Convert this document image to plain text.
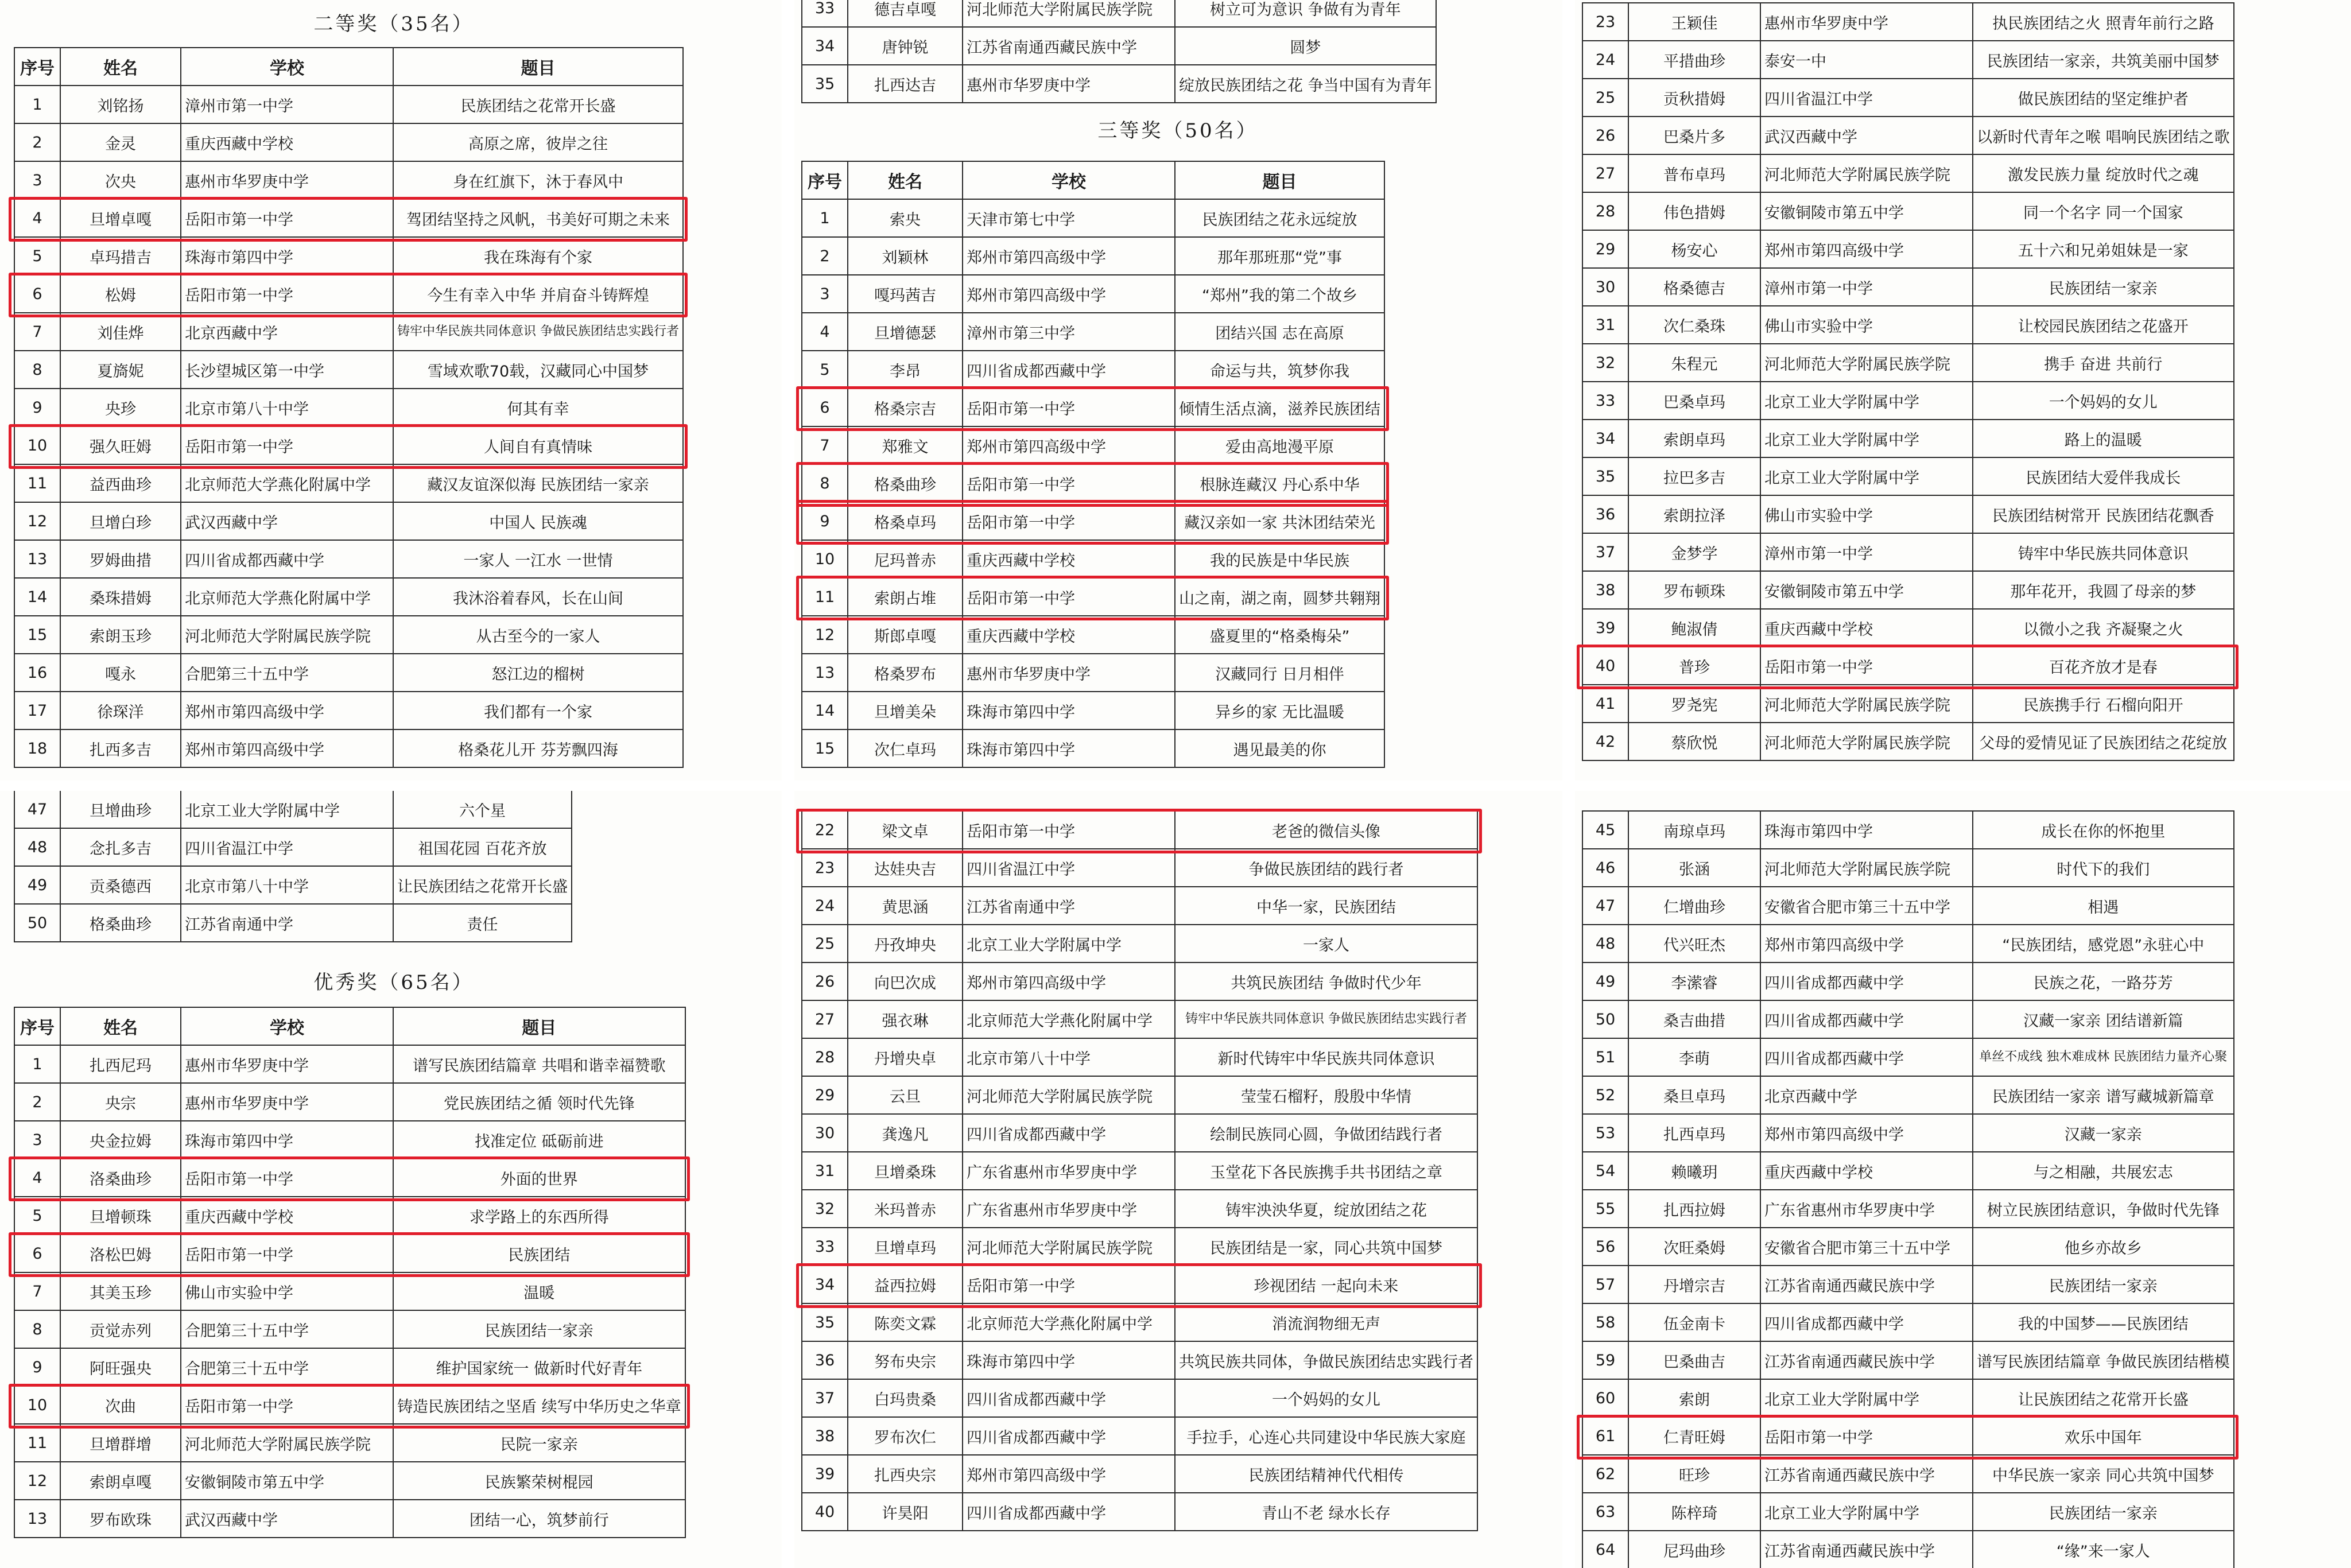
二等奖（35名）
序号	姓名	学校	题目
1	刘铭扬	漳州市第一中学	民族团结之花常开长盛
2	金灵	重庆西藏中学校	高原之席，彼岸之往
3	次央	惠州市华罗庚中学	身在红旗下，沐于春风中
4	旦增卓嘎	岳阳市第一中学	驾团结坚持之风帆，书美好可期之未来
5	卓玛措吉	珠海市第四中学	我在珠海有个家
6	松姆	岳阳市第一中学	今生有幸入中华 并肩奋斗铸辉煌
7	刘佳烨	北京西藏中学	铸牢中华民族共同体意识 争做民族团结忠实践行者
8	夏旖妮	长沙望城区第一中学	雪域欢歌70载，汉藏同心中国梦
9	央珍	北京市第八十中学	何其有幸
10	强久旺姆	岳阳市第一中学	人间自有真情味
11	益西曲珍	北京师范大学燕化附属中学	藏汉友谊深似海 民族团结一家亲
12	旦增白珍	武汉西藏中学	中国人 民族魂
13	罗姆曲措	四川省成都西藏中学	一家人 一江水 一世情
14	桑珠措姆	北京师范大学燕化附属中学	我沐浴着春风，长在山间
15	索朗玉珍	河北师范大学附属民族学院	从古至今的一家人
16	嘎永	合肥第三十五中学	怒江边的榴树
17	徐琛洋	郑州市第四高级中学	我们都有一个家
18	扎西多吉	郑州市第四高级中学	格桑花儿开 芬芳飘四海
33	德吉卓嘎	河北师范大学附属民族学院	树立可为意识 争做有为青年
34	唐钟锐	江苏省南通西藏民族中学	圆梦
35	扎西达吉	惠州市华罗庚中学	绽放民族团结之花 争当中国有为青年
三等奖（50名）
序号	姓名	学校	题目
1	索央	天津市第七中学	民族团结之花永远绽放
2	刘颖林	郑州市第四高级中学	那年那班那“党”事
3	嘎玛茜吉	郑州市第四高级中学	“郑州”我的第二个故乡
4	旦增德瑟	漳州市第三中学	团结兴国 志在高原
5	李昂	四川省成都西藏中学	命运与共，筑梦你我
6	格桑宗吉	岳阳市第一中学	倾情生活点滴，滋养民族团结
7	郑雅文	郑州市第四高级中学	爱由高地漫平原
8	格桑曲珍	岳阳市第一中学	根脉连藏汉 丹心系中华
9	格桑卓玛	岳阳市第一中学	藏汉亲如一家 共沐团结荣光
10	尼玛普赤	重庆西藏中学校	我的民族是中华民族
11	索朗占堆	岳阳市第一中学	山之南，湖之南，圆梦共翱翔
12	斯郎卓嘎	重庆西藏中学校	盛夏里的“格桑梅朵”
13	格桑罗布	惠州市华罗庚中学	汉藏同行 日月相伴
14	旦增美朵	珠海市第四中学	异乡的家 无比温暖
15	次仁卓玛	珠海市第四中学	遇见最美的你
23	王颖佳	惠州市华罗庚中学	执民族团结之火 照青年前行之路
24	平措曲珍	泰安一中	民族团结一家亲，共筑美丽中国梦
25	贡秋措姆	四川省温江中学	做民族团结的坚定维护者
26	巴桑片多	武汉西藏中学	以新时代青年之喉 唱响民族团结之歌
27	普布卓玛	河北师范大学附属民族学院	激发民族力量 绽放时代之魂
28	伟色措姆	安徽铜陵市第五中学	同一个名字 同一个国家
29	杨安心	郑州市第四高级中学	五十六和兄弟姐妹是一家
30	格桑德吉	漳州市第一中学	民族团结一家亲
31	次仁桑珠	佛山市实验中学	让校园民族团结之花盛开
32	朱程元	河北师范大学附属民族学院	携手 奋进 共前行
33	巴桑卓玛	北京工业大学附属中学	一个妈妈的女儿
34	索朗卓玛	北京工业大学附属中学	路上的温暖
35	拉巴多吉	北京工业大学附属中学	民族团结大爱伴我成长
36	索朗拉泽	佛山市实验中学	民族团结树常开 民族团结花飘香
37	金梦学	漳州市第一中学	铸牢中华民族共同体意识
38	罗布顿珠	安徽铜陵市第五中学	那年花开，我圆了母亲的梦
39	鲍淑倩	重庆西藏中学校	以微小之我 齐凝聚之火
40	普珍	岳阳市第一中学	百花齐放才是春
41	罗尧宪	河北师范大学附属民族学院	民族携手行 石榴向阳开
42	蔡欣悦	河北师范大学附属民族学院	父母的爱情见证了民族团结之花绽放
47	旦增曲珍	北京工业大学附属中学	六个星
48	念扎多吉	四川省温江中学	祖国花园 百花齐放
49	贡桑德西	北京市第八十中学	让民族团结之花常开长盛
50	格桑曲珍	江苏省南通中学	责任
优秀奖（65名）
序号	姓名	学校	题目
1	扎西尼玛	惠州市华罗庚中学	谱写民族团结篇章 共唱和谐幸福赞歌
2	央宗	惠州市华罗庚中学	党民族团结之循 领时代先锋
3	央金拉姆	珠海市第四中学	找准定位 砥砺前进
4	洛桑曲珍	岳阳市第一中学	外面的世界
5	旦增顿珠	重庆西藏中学校	求学路上的东西所得
6	洛松巴姆	岳阳市第一中学	民族团结
7	其美玉珍	佛山市实验中学	温暖
8	贡觉赤列	合肥第三十五中学	民族团结一家亲
9	阿旺强央	合肥第三十五中学	维护国家统一 做新时代好青年
10	次曲	岳阳市第一中学	铸造民族团结之坚盾 续写中华历史之华章
11	旦增群增	河北师范大学附属民族学院	民院一家亲
12	索朗卓嘎	安徽铜陵市第五中学	民族繁荣树棍园
13	罗布欧珠	武汉西藏中学	团结一心，筑梦前行
22	梁文卓	岳阳市第一中学	老爸的微信头像
23	达娃央吉	四川省温江中学	争做民族团结的践行者
24	黄思涵	江苏省南通中学	中华一家，民族团结
25	丹孜坤央	北京工业大学附属中学	一家人
26	向巴次成	郑州市第四高级中学	共筑民族团结 争做时代少年
27	强衣琳	北京师范大学燕化附属中学	铸牢中华民族共同体意识 争做民族团结忠实践行者
28	丹增央卓	北京市第八十中学	新时代铸牢中华民族共同体意识
29	云旦	河北师范大学附属民族学院	莹莹石榴籽，殷殷中华情
30	龚逸凡	四川省成都西藏中学	绘制民族同心圆，争做团结践行者
31	旦增桑珠	广东省惠州市华罗庚中学	玉堂花下各民族携手共书团结之章
32	米玛普赤	广东省惠州市华罗庚中学	铸牢泱泱华夏，绽放团结之花
33	旦增卓玛	河北师范大学附属民族学院	民族团结是一家，同心共筑中国梦
34	益西拉姆	岳阳市第一中学	珍视团结 一起向未来
35	陈奕文霖	北京师范大学燕化附属中学	消流润物细无声
36	努布央宗	珠海市第四中学	共筑民族共同体，争做民族团结忠实践行者
37	白玛贵桑	四川省成都西藏中学	一个妈妈的女儿
38	罗布次仁	四川省成都西藏中学	手拉手，心连心共同建设中华民族大家庭
39	扎西央宗	郑州市第四高级中学	民族团结精神代代相传
40	许昊阳	四川省成都西藏中学	青山不老 绿水长存
45	南琼卓玛	珠海市第四中学	成长在你的怀抱里
46	张涵	河北师范大学附属民族学院	时代下的我们
47	仁增曲珍	安徽省合肥市第三十五中学	相遇
48	代兴旺杰	郑州市第四高级中学	“民族团结，感党恩”永驻心中
49	李潆睿	四川省成都西藏中学	民族之花，一路芬芳
50	桑吉曲措	四川省成都西藏中学	汉藏一家亲 团结谱新篇
51	李萌	四川省成都西藏中学	单丝不成线 独木难成林 民族团结力量齐心聚
52	桑旦卓玛	北京西藏中学	民族团结一家亲 谱写藏城新篇章
53	扎西卓玛	郑州市第四高级中学	汉藏一家亲
54	赖曦玥	重庆西藏中学校	与之相融，共展宏志
55	扎西拉姆	广东省惠州市华罗庚中学	树立民族团结意识，争做时代先锋
56	次旺桑姆	安徽省合肥市第三十五中学	他乡亦故乡
57	丹增宗吉	江苏省南通西藏民族中学	民族团结一家亲
58	伍金南卡	四川省成都西藏中学	我的中国梦——民族团结
59	巴桑曲吉	江苏省南通西藏民族中学	谱写民族团结篇章 争做民族团结楷模
60	索朗	北京工业大学附属中学	让民族团结之花常开长盛
61	仁青旺姆	岳阳市第一中学	欢乐中国年
62	旺珍	江苏省南通西藏民族中学	中华民族一家亲 同心共筑中国梦
63	陈梓琦	北京工业大学附属中学	民族团结一家亲
64	尼玛曲珍	江苏省南通西藏民族中学	“缘”来一家人
